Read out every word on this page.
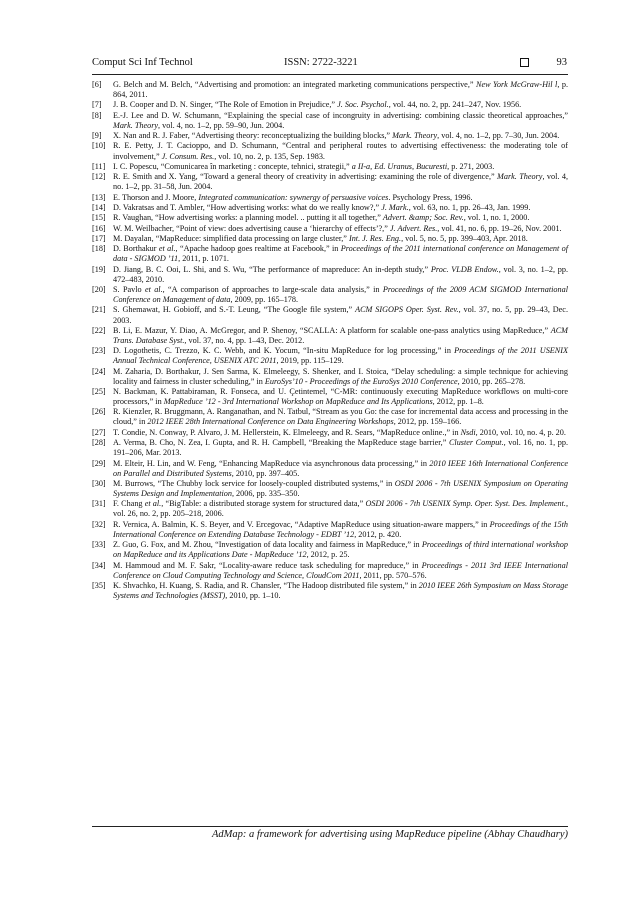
Comput Sci Inf Technol	ISSN: 2722-3221	93
[6] G. Belch and M. Belch, “Advertising and promotion: an integrated marketing communications perspective,” New York McGraw-Hil l, p. 864, 2011.
[7] J. B. Cooper and D. N. Singer, “The Role of Emotion in Prejudice,” J. Soc. Psychol., vol. 44, no. 2, pp. 241–247, Nov. 1956.
[8] E.-J. Lee and D. W. Schumann, “Explaining the special case of incongruity in advertising: combining classic theoretical approaches,” Mark. Theory, vol. 4, no. 1–2, pp. 59–90, Jun. 2004.
[9] X. Nan and R. J. Faber, “Advertising theory: reconceptualizing the building blocks,” Mark. Theory, vol. 4, no. 1–2, pp. 7–30, Jun. 2004.
[10] R. E. Petty, J. T. Cacioppo, and D. Schumann, “Central and peripheral routes to advertising effectiveness: the moderating tole of involvement,” J. Consum. Res., vol. 10, no. 2, p. 135, Sep. 1983.
[11] I. C. Popescu, “Comunicarea în marketing : concepte, tehnici, strategii,” a II-a, Ed. Uranus, Bucuresti, p. 271, 2003.
[12] R. E. Smith and X. Yang, “Toward a general theory of creativity in advertising: examining the role of divergence,” Mark. Theory, vol. 4, no. 1–2, pp. 31–58, Jun. 2004.
[13] E. Thorson and J. Moore, Integrated communication: sywnergy of persuasive voices. Psychology Press, 1996.
[14] D. Vakratsas and T. Ambler, “How advertising works: what do we really know?,” J. Mark., vol. 63, no. 1, pp. 26–43, Jan. 1999.
[15] R. Vaughan, “How advertising works: a planning model. .. putting it all together,” Advert. &amp; Soc. Rev., vol. 1, no. 1, 2000.
[16] W. M. Weilbacher, “Point of view: does advertising cause a ‘hierarchy of effects’?,” J. Advert. Res., vol. 41, no. 6, pp. 19–26, Nov. 2001.
[17] M. Dayalan, “MapReduce: simplified data processing on large cluster,” Int. J. Res. Eng., vol. 5, no. 5, pp. 399–403, Apr. 2018.
[18] D. Borthakur et al., “Apache hadoop goes realtime at Facebook,” in Proceedings of the 2011 international conference on Management of data - SIGMOD ’11, 2011, p. 1071.
[19] D. Jiang, B. C. Ooi, L. Shi, and S. Wu, “The performance of mapreduce: An in-depth study,” Proc. VLDB Endow., vol. 3, no. 1–2, pp. 472–483, 2010.
[20] S. Pavlo et al., “A comparison of approaches to large-scale data analysis,” in Proceedings of the 2009 ACM SIGMOD International Conference on Management of data, 2009, pp. 165–178.
[21] S. Ghemawat, H. Gobioff, and S.-T. Leung, “The Google file system,” ACM SIGOPS Oper. Syst. Rev., vol. 37, no. 5, pp. 29–43, Dec. 2003.
[22] B. Li, E. Mazur, Y. Diao, A. McGregor, and P. Shenoy, “SCALLA: A platform for scalable one-pass analytics using MapReduce,” ACM Trans. Database Syst., vol. 37, no. 4, pp. 1–43, Dec. 2012.
[23] D. Logothetis, C. Trezzo, K. C. Webb, and K. Yocum, “In-situ MapReduce for log processing,” in Proceedings of the 2011 USENIX Annual Technical Conference, USENIX ATC 2011, 2019, pp. 115–129.
[24] M. Zaharia, D. Borthakur, J. Sen Sarma, K. Elmeleegy, S. Shenker, and I. Stoica, “Delay scheduling: a simple technique for achieving locality and fairness in cluster scheduling,” in EuroSys’10 - Proceedings of the EuroSys 2010 Conference, 2010, pp. 265–278.
[25] N. Backman, K. Pattabiraman, R. Fonseca, and U. Çetintemel, “C-MR: continuously executing MapReduce workflows on multi-core processors,” in MapReduce ’12 - 3rd International Workshop on MapReduce and Its Applications, 2012, pp. 1–8.
[26] R. Kienzler, R. Bruggmann, A. Ranganathan, and N. Tatbul, “Stream as you Go: the case for incremental data access and processing in the cloud,” in 2012 IEEE 28th International Conference on Data Engineering Workshops, 2012, pp. 159–166.
[27] T. Condie, N. Conway, P. Alvaro, J. M. Hellerstein, K. Elmeleegy, and R. Sears, “MapReduce online.,” in Nsdi, 2010, vol. 10, no. 4, p. 20.
[28] A. Verma, B. Cho, N. Zea, I. Gupta, and R. H. Campbell, “Breaking the MapReduce stage barrier,” Cluster Comput., vol. 16, no. 1, pp. 191–206, Mar. 2013.
[29] M. Elteir, H. Lin, and W. Feng, “Enhancing MapReduce via asynchronous data processing,” in 2010 IEEE 16th International Conference on Parallel and Distributed Systems, 2010, pp. 397–405.
[30] M. Burrows, “The Chubby lock service for loosely-coupled distributed systems,” in OSDI 2006 - 7th USENIX Symposium on Operating Systems Design and Implementation, 2006, pp. 335–350.
[31] F. Chang et al., “BigTable: a distributed storage system for structured data,” OSDI 2006 - 7th USENIX Symp. Oper. Syst. Des. Implement., vol. 26, no. 2, pp. 205–218, 2006.
[32] R. Vernica, A. Balmin, K. S. Beyer, and V. Ercegovac, “Adaptive MapReduce using situation-aware mappers,” in Proceedings of the 15th International Conference on Extending Database Technology - EDBT ’12, 2012, p. 420.
[33] Z. Guo, G. Fox, and M. Zhou, “Investigation of data locality and fairness in MapReduce,” in Proceedings of third international workshop on MapReduce and its Applications Date - MapReduce ’12, 2012, p. 25.
[34] M. Hammoud and M. F. Sakr, “Locality-aware reduce task scheduling for mapreduce,” in Proceedings - 2011 3rd IEEE International Conference on Cloud Computing Technology and Science, CloudCom 2011, 2011, pp. 570–576.
[35] K. Shvachko, H. Kuang, S. Radia, and R. Chansler, “The Hadoop distributed file system,” in 2010 IEEE 26th Symposium on Mass Storage Systems and Technologies (MSST), 2010, pp. 1–10.
AdMap: a framework for advertising using MapReduce pipeline (Abhay Chaudhary)
